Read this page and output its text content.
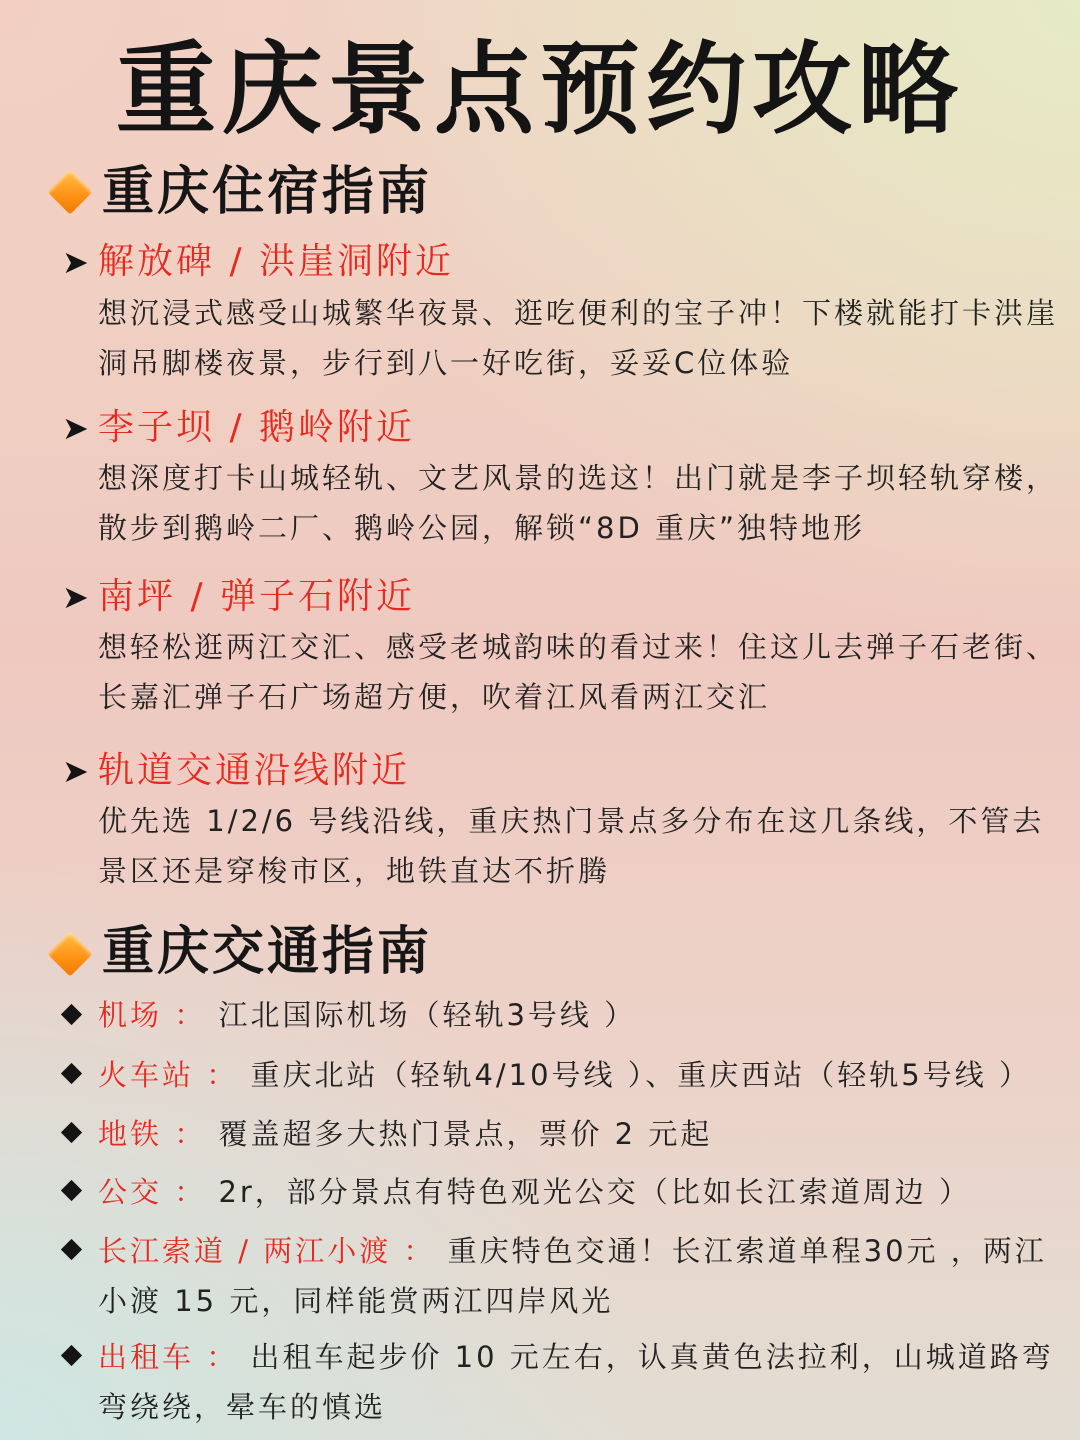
重庆景点预约攻略
重庆住宿指南
➤ 解放碑 / 洪崖洞附近

想沉浸式感受山城繁华夜景、逛吃便利的宝子冲！下楼就能打卡洪崖洞吊脚楼夜景，步行到八一好吃街，妥妥C位体验

➤ 李子坝 / 鹅岭附近

想深度打卡山城轻轨、文艺风景的选这！出门就是李子坝轻轨穿楼，散步到鹅岭二厂、鹅岭公园，解锁“8D 重庆”独特地形

➤ 南坪 / 弹子石附近

想轻松逛两江交汇、感受老城韵味的看过来！住这儿去弹子石老街、长嘉汇弹子石广场超方便，吹着江风看两江交汇

➤ 轨道交通沿线附近

优先选 1/2/6 号线沿线，重庆热门景点多分布在这几条线，不管去景区还是穿梭市区，地铁直达不折腾

重庆交通指南

机场 ： 江北国际机场（轻轨3号线 ）

火车站 ： 重庆北站（轻轨4/10号线 ）、重庆西站（轻轨5号线 ）

地铁 ： 覆盖超多大热门景点，票价 2 元起

公交 ： 2r，部分景点有特色观光公交（比如长江索道周边 ）

长江索道 / 两江小渡 ： 重庆特色交通！长江索道单程30元 ，两江小渡 15 元，同样能赏两江四岸风光

出租车 ： 出租车起步价 10 元左右，认真黄色法拉利，山城道路弯弯绕绕，晕车的慎选
